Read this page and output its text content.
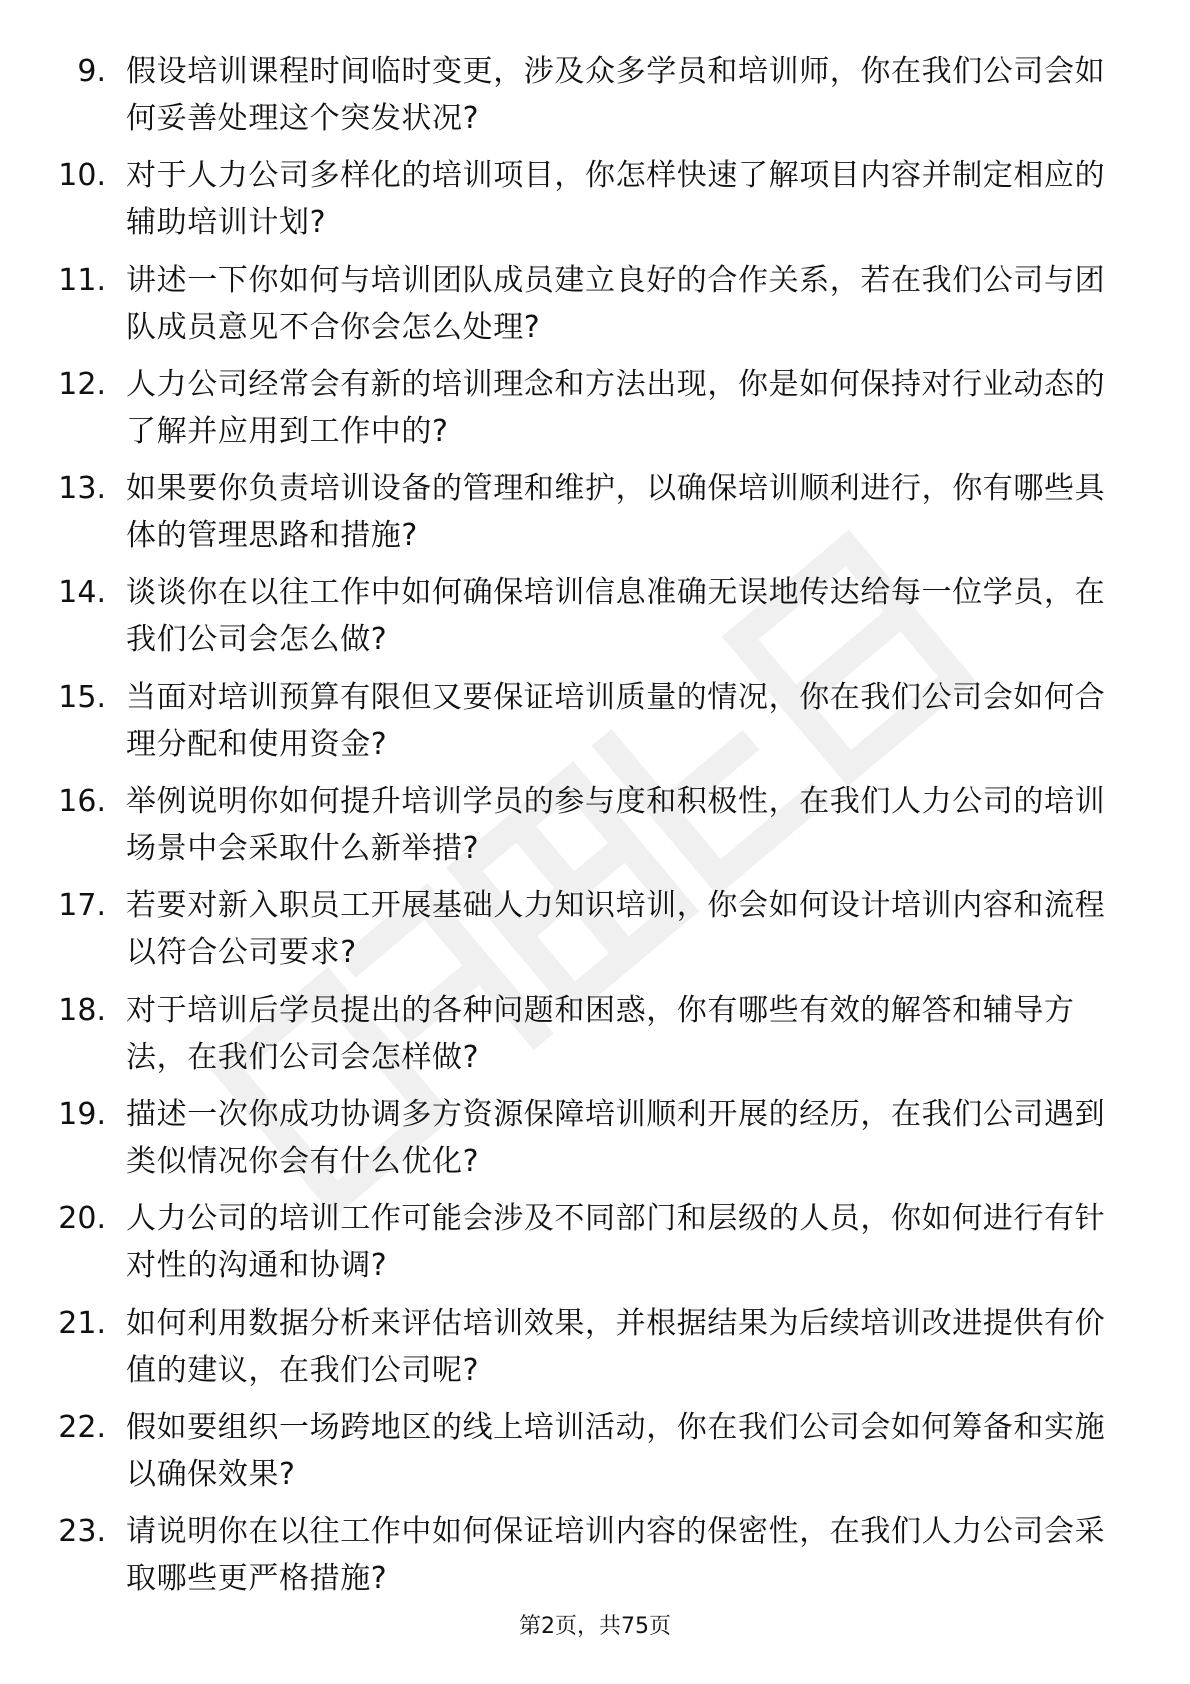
9. 假设培训课程时间临时变更，涉及众多学员和培训师，你在我们公司会如何妥善处理这个突发状况?
10. 对于人力公司多样化的培训项目，你怎样快速了解项目内容并制定相应的辅助培训计划?
11. 讲述一下你如何与培训团队成员建立良好的合作关系，若在我们公司与团队成员意见不合你会怎么处理?
12. 人力公司经常会有新的培训理念和方法出现，你是如何保持对行业动态的了解并应用到工作中的?
13. 如果要你负责培训设备的管理和维护，以确保培训顺利进行，你有哪些具体的管理思路和措施?
14. 谈谈你在以往工作中如何确保培训信息准确无误地传达给每一位学员，在我们公司会怎么做?
15. 当面对培训预算有限但又要保证培训质量的情况，你在我们公司会如何合理分配和使用资金?
16. 举例说明你如何提升培训学员的参与度和积极性，在我们人力公司的培训场景中会采取什么新举措?
17. 若要对新入职员工开展基础人力知识培训，你会如何设计培训内容和流程以符合公司要求?
18. 对于培训后学员提出的各种问题和困惑，你有哪些有效的解答和辅导方法，在我们公司会怎样做?
19. 描述一次你成功协调多方资源保障培训顺利开展的经历，在我们公司遇到类似情况你会有什么优化?
20. 人力公司的培训工作可能会涉及不同部门和层级的人员，你如何进行有针对性的沟通和协调?
21. 如何利用数据分析来评估培训效果，并根据结果为后续培训改进提供有价值的建议，在我们公司呢?
22. 假如要组织一场跨地区的线上培训活动，你在我们公司会如何筹备和实施以确保效果?
23. 请说明你在以往工作中如何保证培训内容的保密性，在我们人力公司会采取哪些更严格措施?
第2页，共75页
